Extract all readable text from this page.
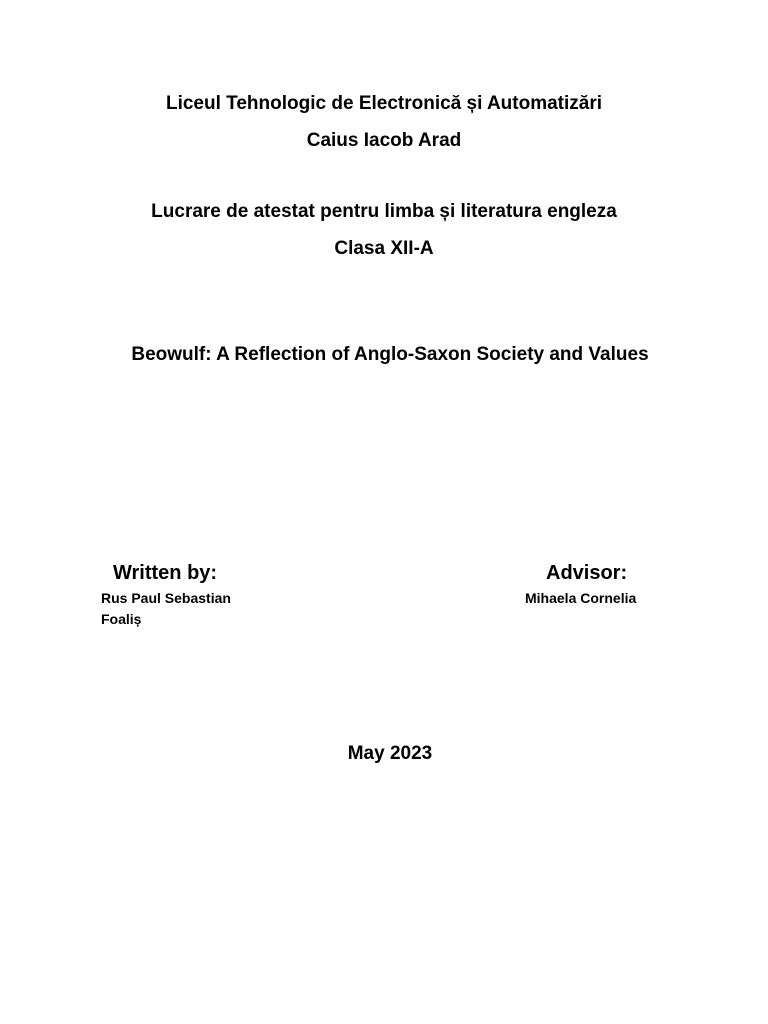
Liceul Tehnologic de Electronică și Automatizări
Caius Iacob Arad
Lucrare de atestat pentru limba și literatura engleza
Clasa XII-A
Beowulf: A Reflection of Anglo-Saxon Society and Values
Written by:
Rus Paul Sebastian
Foaliș
Advisor:
Mihaela Cornelia
May 2023
